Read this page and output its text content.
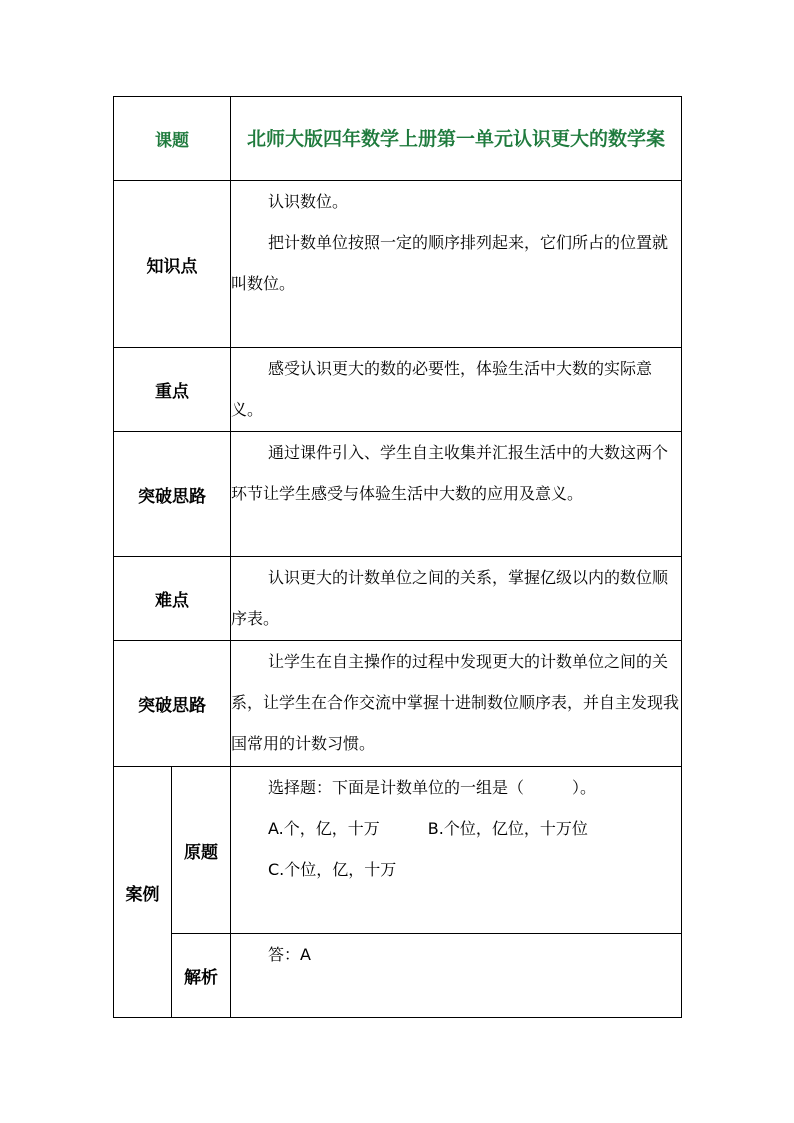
课题		北师大版四年数学上册第一单元认识更大的数学案
知识点		认识数位。

把计数单位按照一定的顺序排列起来，它们所占的位置就叫数位。

重点		感受认识更大的数的必要性，体验生活中大数的实际意义。

突破思路		通过课件引入、学生自主收集并汇报生活中的大数这两个环节让学生感受与体验生活中大数的应用及意义。

难点		认识更大的计数单位之间的关系，掌握亿级以内的数位顺序表。

突破思路		让学生在自主操作的过程中发现更大的计数单位之间的关系，让学生在合作交流中掌握十进制数位顺序表，并自主发现我国常用的计数习惯。

案例	原题	选择题：下面是计数单位的一组是（　　　）。

A.个，亿，十万 B.个位，亿位，十万位
C.个位，亿，十万

	解析	答：A
